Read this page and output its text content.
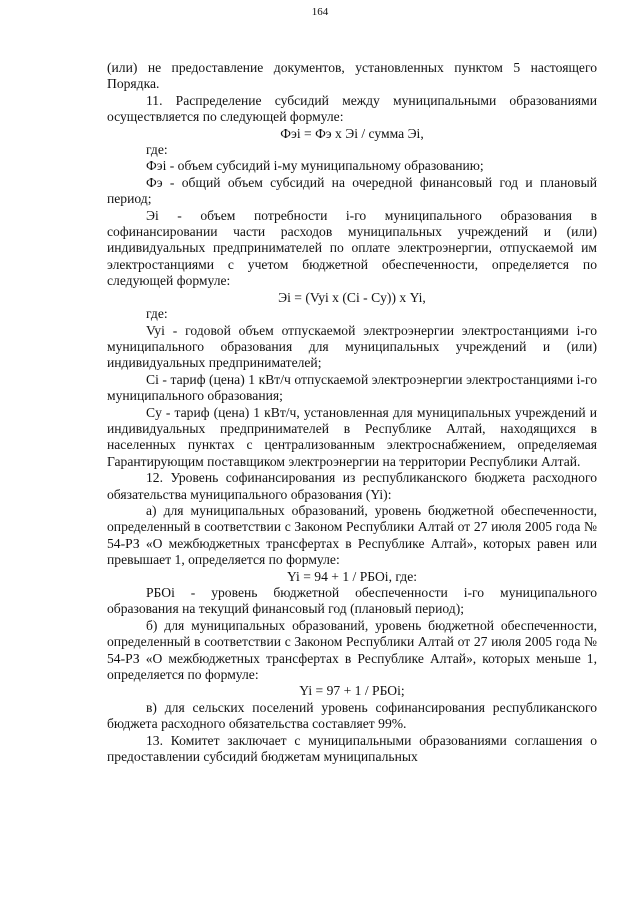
164

(или) не предоставление документов, установленных пунктом 5 настоящего Порядка.

11. Распределение субсидий между муниципальными образованиями осуществляется по следующей формуле:

Фэi = Фэ х Эi / сумма Эi,

где:

Фэi - объем субсидий i-му муниципальному образованию;

Фэ - общий объем субсидий на очередной финансовый год и плановый период;

Эi - объем потребности i-го муниципального образования в софинансировании части расходов муниципальных учреждений и (или) индивидуальных предпринимателей по оплате электроэнергии, отпускаемой им электростанциями с учетом бюджетной обеспеченности, определяется по следующей формуле:

Эi = (Vyi х (Ci - Cy)) х Yi,

где:

Vyi - годовой объем отпускаемой электроэнергии электростанциями i-го муниципального образования для муниципальных учреждений и (или) индивидуальных предпринимателей;

Ci - тариф (цена) 1 кВт/ч отпускаемой электроэнергии электростанциями i-го муниципального образования;

Cy - тариф (цена) 1 кВт/ч, установленная для муниципальных учреждений и индивидуальных предпринимателей в Республике Алтай, находящихся в населенных пунктах с централизованным электроснабжением, определяемая Гарантирующим поставщиком электроэнергии на территории Республики Алтай.

12. Уровень софинансирования из республиканского бюджета расходного обязательства муниципального образования (Yi):

а) для муниципальных образований, уровень бюджетной обеспеченности, определенный в соответствии с Законом Республики Алтай от 27 июля 2005 года № 54-РЗ «О межбюджетных трансфертах в Республике Алтай», которых равен или превышает 1, определяется по формуле:

Yi = 94 + 1 / РБОi, где:

РБОi - уровень бюджетной обеспеченности i-го муниципального образования на текущий финансовый год (плановый период);

б) для муниципальных образований, уровень бюджетной обеспеченности, определенный в соответствии с Законом Республики Алтай от 27 июля 2005 года № 54-РЗ «О межбюджетных трансфертах в Республике Алтай», которых меньше 1, определяется по формуле:

Yi = 97 + 1 / РБОi;

в) для сельских поселений уровень софинансирования республиканского бюджета расходного обязательства составляет 99%.

13. Комитет заключает с муниципальными образованиями соглашения о предоставлении субсидий бюджетам муниципальных
